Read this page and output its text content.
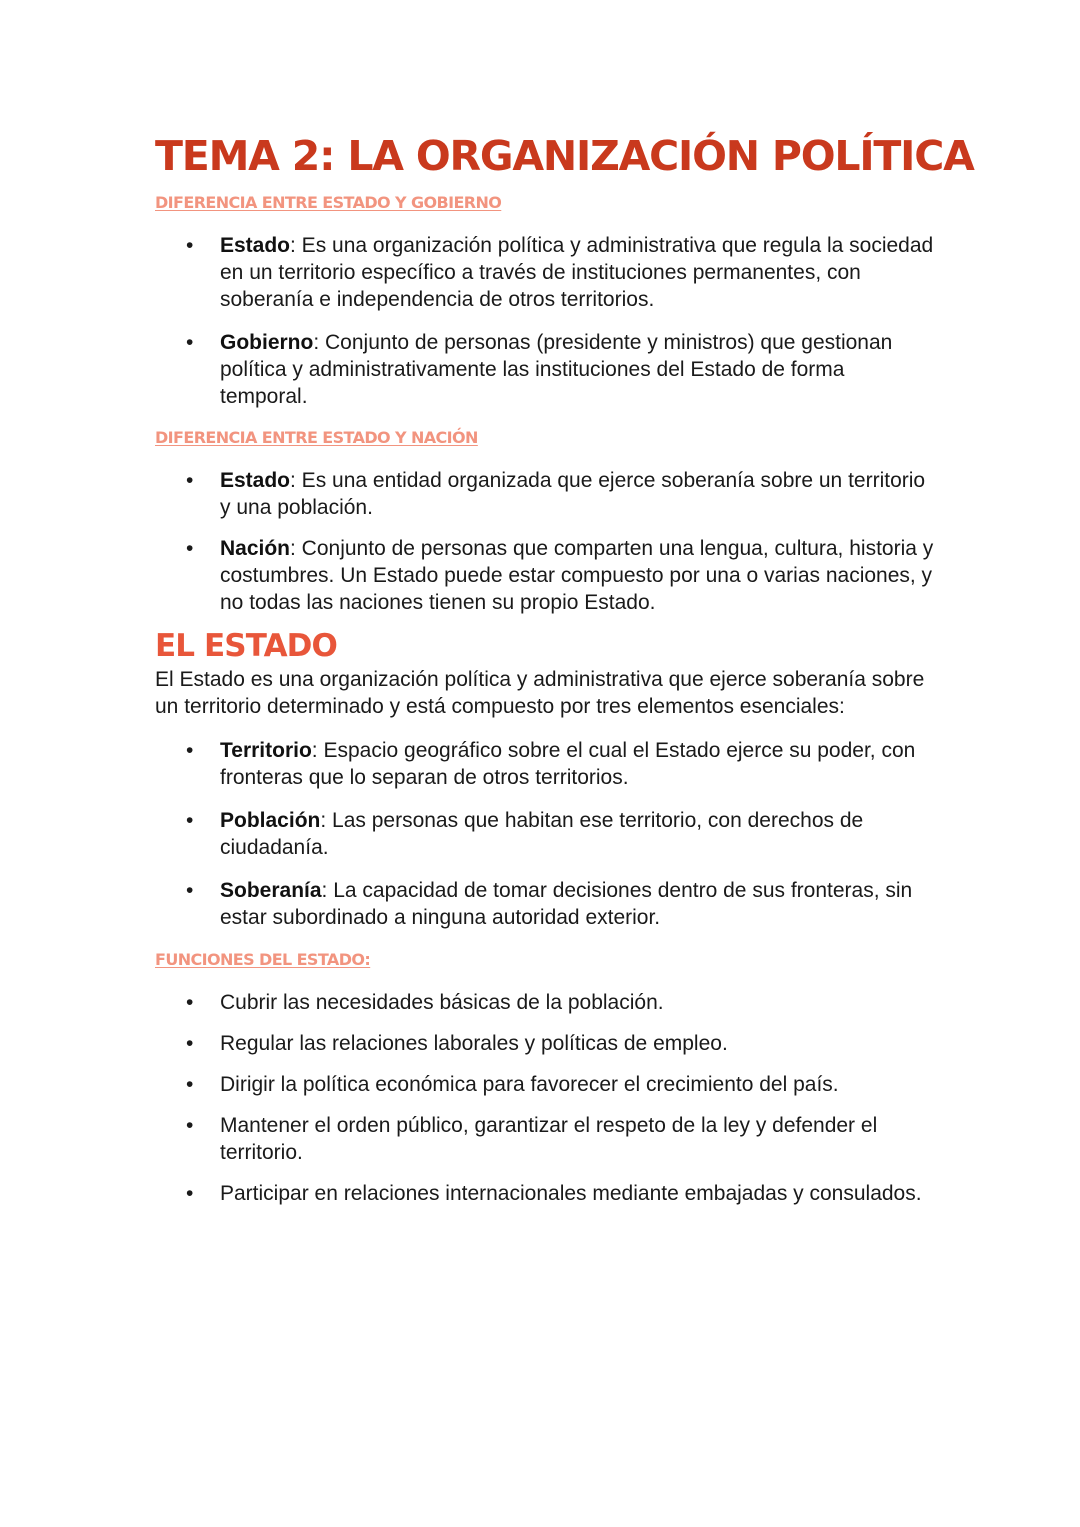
TEMA 2: LA ORGANIZACIÓN POLÍTICA
DIFERENCIA ENTRE ESTADO Y GOBIERNO
• Estado: Es una organización política y administrativa que regula la sociedad en un territorio específico a través de instituciones permanentes, con soberanía e independencia de otros territorios.
• Gobierno: Conjunto de personas (presidente y ministros) que gestionan política y administrativamente las instituciones del Estado de forma temporal.
DIFERENCIA ENTRE ESTADO Y NACIÓN
• Estado: Es una entidad organizada que ejerce soberanía sobre un territorio y una población.
• Nación: Conjunto de personas que comparten una lengua, cultura, historia y costumbres. Un Estado puede estar compuesto por una o varias naciones, y no todas las naciones tienen su propio Estado.
EL ESTADO

El Estado es una organización política y administrativa que ejerce soberanía sobre un territorio determinado y está compuesto por tres elementos esenciales:

• Territorio: Espacio geográfico sobre el cual el Estado ejerce su poder, con fronteras que lo separan de otros territorios.
• Población: Las personas que habitan ese territorio, con derechos de ciudadanía.
• Soberanía: La capacidad de tomar decisiones dentro de sus fronteras, sin estar subordinado a ninguna autoridad exterior.
FUNCIONES DEL ESTADO:
• Cubrir las necesidades básicas de la población.
• Regular las relaciones laborales y políticas de empleo.
• Dirigir la política económica para favorecer el crecimiento del país.
• Mantener el orden público, garantizar el respeto de la ley y defender el territorio.
• Participar en relaciones internacionales mediante embajadas y consulados.
